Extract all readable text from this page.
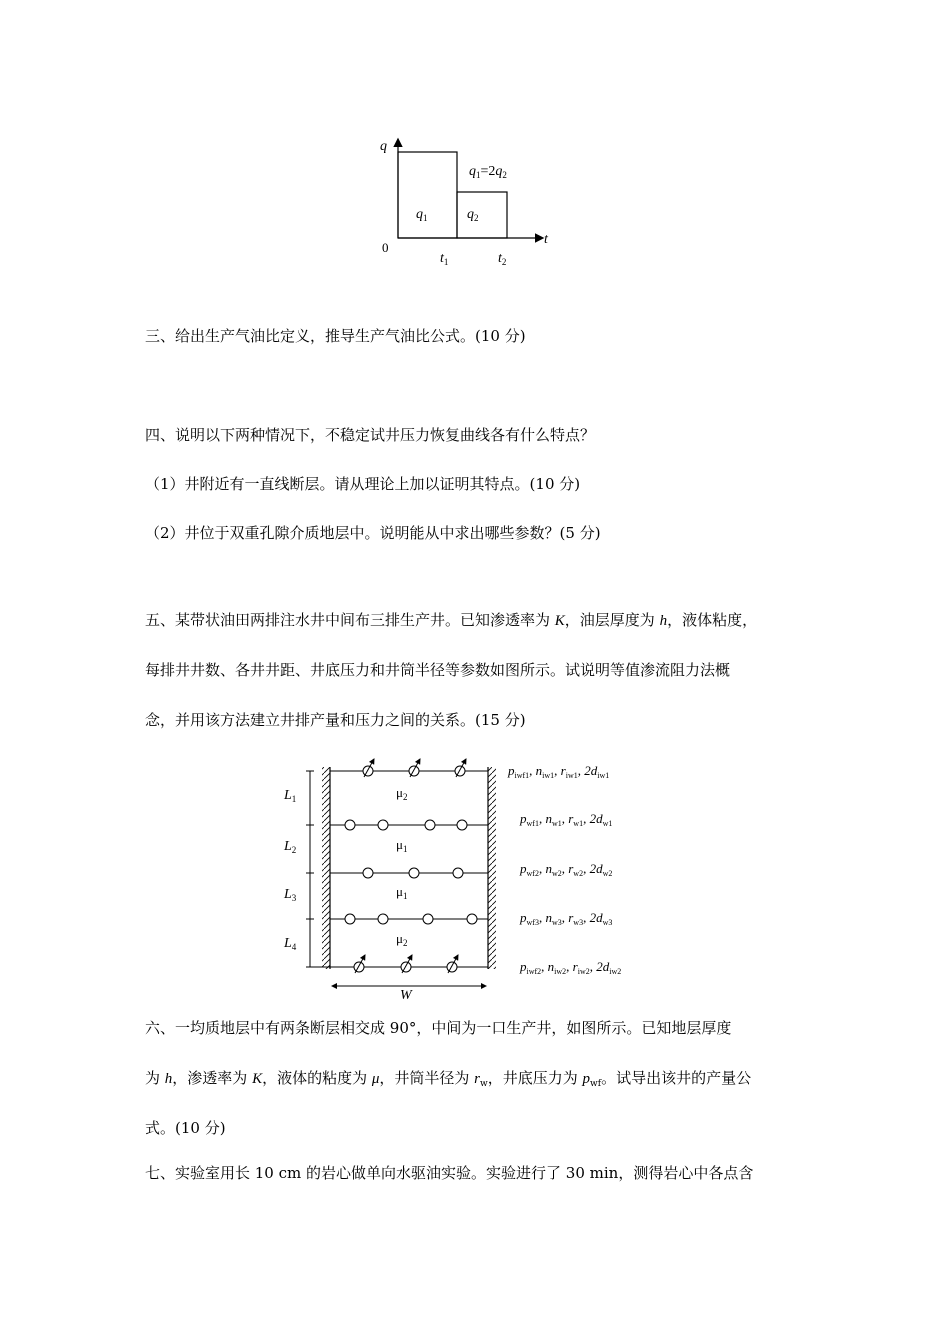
q
t
0
$q_1$	$q_2$
$q_1=2q_2$
$t_1$	$t_2$
三、给出生产气油比定义，推导生产气油比公式。(10 分)
四、说明以下两种情况下，不稳定试井压力恢复曲线各有什么特点？
（1）井附近有一直线断层。请从理论上加以证明其特点。(10 分)
（2）井位于双重孔隙介质地层中。说明能从中求出哪些参数？(5 分)
五、某带状油田两排注水井中间布三排生产井。已知渗透率为 K，油层厚度为 h，液体粘度，
每排井井数、各井井距、井底压力和井筒半径等参数如图所示。试说明等值渗流阻力法概
念，并用该方法建立井排产量和压力之间的关系。(15 分)
$L_1$
$L_2$
$L_3$
$L_4$
$\mu_2$
$\mu_1$
$\mu_1$
$\mu_2$
W
$p_{iwf1}$, $n_{iw1}$, $r_{iw1}$, $2d_{iw1}$
$p_{wf1}$, $n_{w1}$, $r_{w1}$, $2d_{w1}$
$p_{wf2}$, $n_{w2}$, $r_{w2}$, $2d_{w2}$
$p_{wf3}$, $n_{w3}$, $r_{w3}$, $2d_{w3}$
$p_{iwf2}$, $n_{iw2}$, $r_{iw2}$, $2d_{iw2}$
六、一均质地层中有两条断层相交成 90°，中间为一口生产井，如图所示。已知地层厚度
为 h，渗透率为 K，液体的粘度为 μ，井筒半径为 $r_w$，井底压力为 $p_{wf}$。试导出该井的产量公
式。(10 分)
七、实验室用长 10 cm 的岩心做单向水驱油实验。实验进行了 30 min，测得岩心中各点含
